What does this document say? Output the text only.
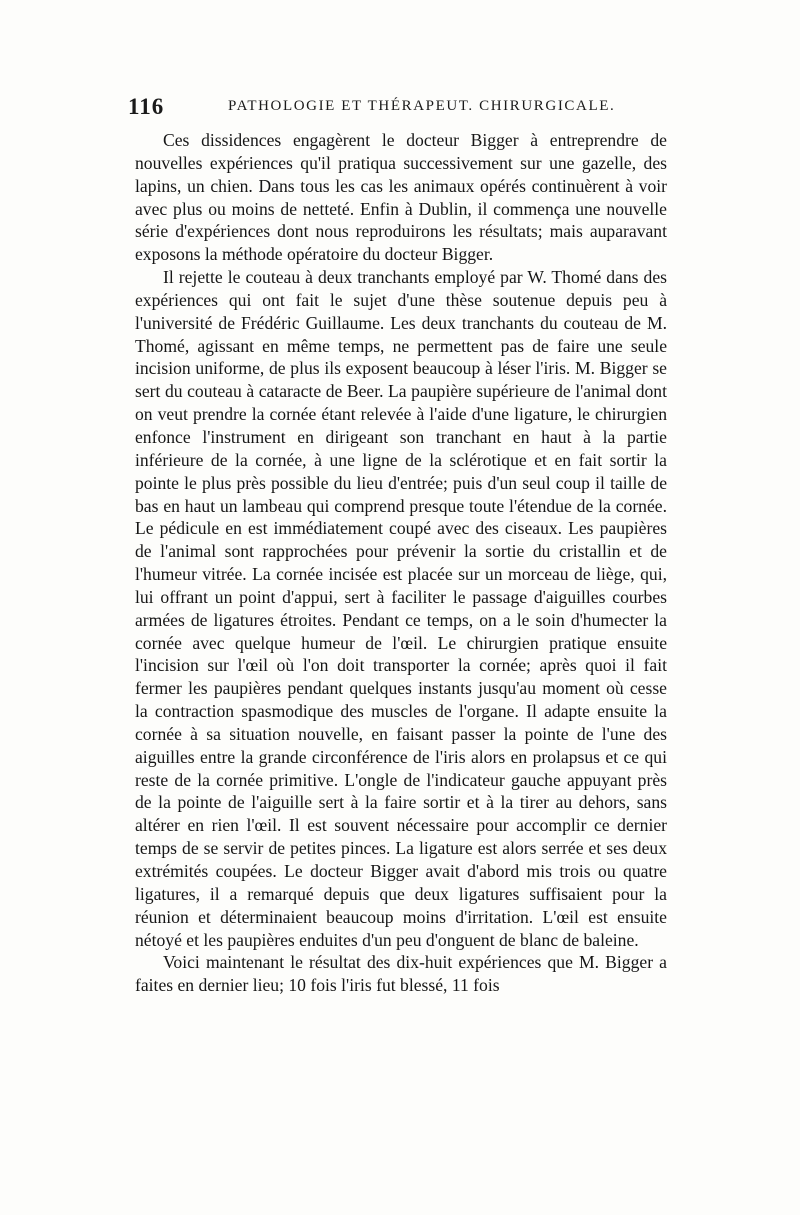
116	PATHOLOGIE ET THÉRAPEUT. CHIRURGICALE.

Ces dissidences engagèrent le docteur Bigger à entreprendre de nouvelles expériences qu'il pratiqua successivement sur une gazelle, des lapins, un chien. Dans tous les cas les animaux opérés continuèrent à voir avec plus ou moins de netteté. Enfin à Dublin, il commença une nouvelle série d'expériences dont nous reproduirons les résultats; mais auparavant exposons la méthode opératoire du docteur Bigger.

Il rejette le couteau à deux tranchants employé par W. Thomé dans des expériences qui ont fait le sujet d'une thèse soutenue depuis peu à l'université de Frédéric Guillaume. Les deux tranchants du couteau de M. Thomé, agissant en même temps, ne permettent pas de faire une seule incision uniforme, de plus ils exposent beaucoup à léser l'iris. M. Bigger se sert du couteau à cataracte de Beer. La paupière supérieure de l'animal dont on veut prendre la cornée étant relevée à l'aide d'une ligature, le chirurgien enfonce l'instrument en dirigeant son tranchant en haut à la partie inférieure de la cornée, à une ligne de la sclérotique et en fait sortir la pointe le plus près possible du lieu d'entrée; puis d'un seul coup il taille de bas en haut un lambeau qui comprend presque toute l'étendue de la cornée. Le pédicule en est immédiatement coupé avec des ciseaux. Les paupières de l'animal sont rapprochées pour prévenir la sortie du cristallin et de l'humeur vitrée. La cornée incisée est placée sur un morceau de liège, qui, lui offrant un point d'appui, sert à faciliter le passage d'aiguilles courbes armées de ligatures étroites. Pendant ce temps, on a le soin d'humecter la cornée avec quelque humeur de l'œil. Le chirurgien pratique ensuite l'incision sur l'œil où l'on doit transporter la cornée; après quoi il fait fermer les paupières pendant quelques instants jusqu'au moment où cesse la contraction spasmodique des muscles de l'organe. Il adapte ensuite la cornée à sa situation nouvelle, en faisant passer la pointe de l'une des aiguilles entre la grande circonférence de l'iris alors en prolapsus et ce qui reste de la cornée primitive. L'ongle de l'indicateur gauche appuyant près de la pointe de l'aiguille sert à la faire sortir et à la tirer au dehors, sans altérer en rien l'œil. Il est souvent nécessaire pour accomplir ce dernier temps de se servir de petites pinces. La ligature est alors serrée et ses deux extrémités coupées. Le docteur Bigger avait d'abord mis trois ou quatre ligatures, il a remarqué depuis que deux ligatures suffisaient pour la réunion et déterminaient beaucoup moins d'irritation. L'œil est ensuite nétoyé et les paupières enduites d'un peu d'onguent de blanc de baleine.

Voici maintenant le résultat des dix-huit expériences que M. Bigger a faites en dernier lieu; 10 fois l'iris fut blessé, 11 fois
